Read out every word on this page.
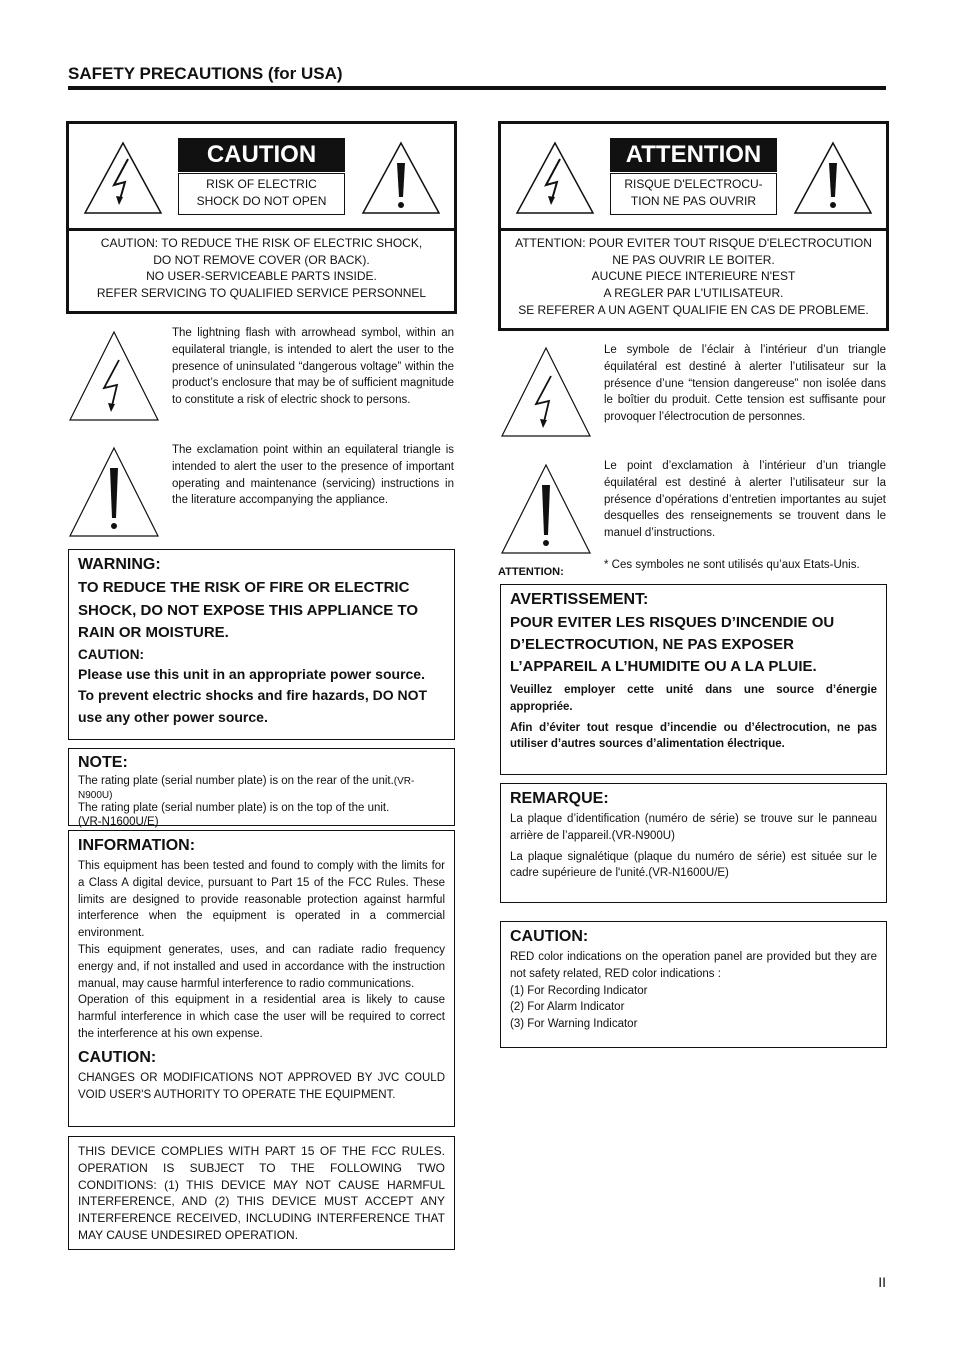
SAFETY PRECAUTIONS (for USA)
CAUTION
RISK OF ELECTRIC
SHOCK DO NOT OPEN
CAUTION: TO REDUCE THE RISK OF ELECTRIC SHOCK,
DO NOT REMOVE COVER (OR BACK).
NO USER-SERVICEABLE PARTS INSIDE.
REFER SERVICING TO QUALIFIED SERVICE PERSONNEL
ATTENTION
RISQUE D'ELECTROCU-
TION NE PAS OUVRIR
ATTENTION: POUR EVITER TOUT RISQUE D'ELECTROCUTION
NE PAS OUVRIR LE BOITER.
AUCUNE PIECE INTERIEURE N'EST
A REGLER PAR L'UTILISATEUR.
SE REFERER A UN AGENT QUALIFIE EN CAS DE PROBLEME.
The lightning flash with arrowhead symbol, within an equilateral triangle, is intended to alert the user to the presence of uninsulated “dangerous voltage” within the product’s enclosure that may be of sufficient magnitude to constitute a risk of electric shock to persons.
The exclamation point within an equilateral triangle is intended to alert the user to the presence of important operating and maintenance (servicing) instructions in the literature accompanying the appliance.
Le symbole de l’éclair à l’intérieur d’un triangle équilatéral est destiné à alerter l’utilisateur sur la présence d’une “tension dangereuse” non isolée dans le boîtier du produit. Cette tension est suffisante pour provoquer l’électrocution de personnes.
Le point d’exclamation à l’intérieur d’un triangle équilatéral est destiné à alerter l’utilisateur sur la présence d’opérations d’entretien importantes au sujet desquelles des renseignements se trouvent dans le manuel d’instructions.
ATTENTION:
* Ces symboles ne sont utilisés qu’aux Etats-Unis.
WARNING:
TO REDUCE THE RISK OF FIRE OR ELECTRIC SHOCK, DO NOT EXPOSE THIS APPLIANCE TO RAIN OR MOISTURE.
CAUTION:
Please use this unit in an appropriate power source.
To prevent electric shocks and fire hazards, DO NOT use any other power source.
NOTE:
The rating plate (serial number plate) is on the rear of the unit.(VR-N900U)
The rating plate (serial number plate) is on the top of the unit.
(VR-N1600U/E)
INFORMATION:
This equipment has been tested and found to comply with the limits for a Class A digital device, pursuant to Part 15 of the FCC Rules. These limits are designed to provide reasonable protection against harmful interference when the equipment is operated in a commercial environment.
This equipment generates, uses, and can radiate radio frequency energy and, if not installed and used in accordance with the instruction manual, may cause harmful interference to radio communications.
Operation of this equipment in a residential area is likely to cause harmful interference in which case the user will be required to correct the interference at his own expense.
CAUTION:
CHANGES OR MODIFICATIONS NOT APPROVED BY JVC COULD VOID USER'S AUTHORITY TO OPERATE THE EQUIPMENT.
THIS DEVICE COMPLIES WITH PART 15 OF THE FCC RULES. OPERATION IS SUBJECT TO THE FOLLOWING TWO CONDITIONS: (1) THIS DEVICE MAY NOT CAUSE HARMFUL INTERFERENCE, AND (2) THIS DEVICE MUST ACCEPT ANY INTERFERENCE RECEIVED, INCLUDING INTERFERENCE THAT MAY CAUSE UNDESIRED OPERATION.
AVERTISSEMENT:
POUR EVITER LES RISQUES D’INCENDIE OU D’ELECTROCUTION, NE PAS EXPOSER L’APPAREIL A L’HUMIDITE OU A LA PLUIE.
Veuillez employer cette unité dans une source d’énergie appropriée.
Afin d’éviter tout resque d’incendie ou d’électrocution, ne pas utiliser d’autres sources d’alimentation électrique.
REMARQUE:
La plaque d’identification (numéro de série) se trouve sur le panneau arrière de l’appareil.(VR-N900U)
La plaque signalétique (plaque du numéro de série) est située sur le cadre supérieure de l'unité.(VR-N1600U/E)
CAUTION:
RED color indications on the operation panel are provided but they are not safety related, RED color indications :
(1) For Recording Indicator
(2) For Alarm Indicator
(3) For Warning Indicator
II
